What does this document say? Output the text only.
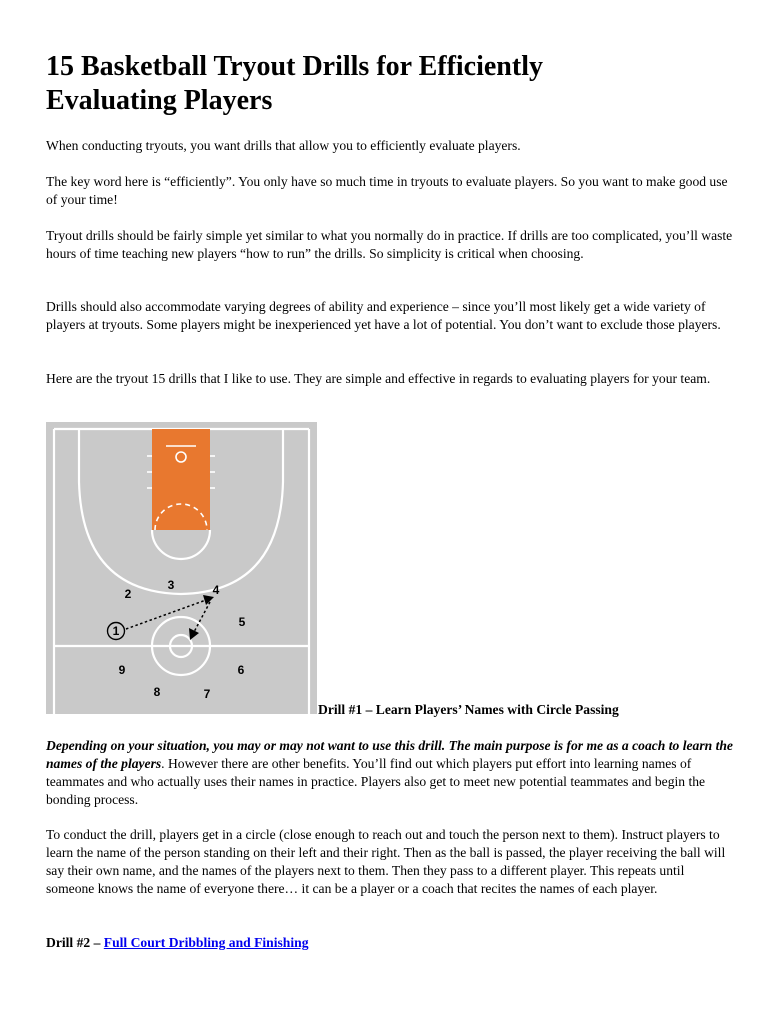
15 Basketball Tryout Drills for Efficiently Evaluating Players

When conducting tryouts, you want drills that allow you to efficiently evaluate players.

The key word here is “efficiently”. You only have so much time in tryouts to evaluate players. So you want to make good use of your time!

Tryout drills should be fairly simple yet similar to what you normally do in practice. If drills are too complicated, you’ll waste hours of time teaching new players “how to run” the drills. So simplicity is critical when choosing.

Drills should also accommodate varying degrees of ability and experience – since you’ll most likely get a wide variety of players at tryouts. Some players might be inexperienced yet have a lot of potential. You don’t want to exclude those players.

Here are the tryout 15 drills that I like to use. They are simple and effective in regards to evaluating players for your team.

1
2
3	4
5
6
7
8
9
Drill #1 – Learn Players’ Names with Circle Passing

Depending on your situation, you may or may not want to use this drill. The main purpose is for me as a coach to learn the names of the players. However there are other benefits. You’ll find out which players put effort into learning names of teammates and who actually uses their names in practice. Players also get to meet new potential teammates and begin the bonding process.

To conduct the drill, players get in a circle (close enough to reach out and touch the person next to them). Instruct players to learn the name of the person standing on their left and their right. Then as the ball is passed, the player receiving the ball will say their own name, and the names of the players next to them. Then they pass to a different player. This repeats until someone knows the name of everyone there… it can be a player or a coach that recites the names of each player.

Drill #2 – Full Court Dribbling and Finishing
